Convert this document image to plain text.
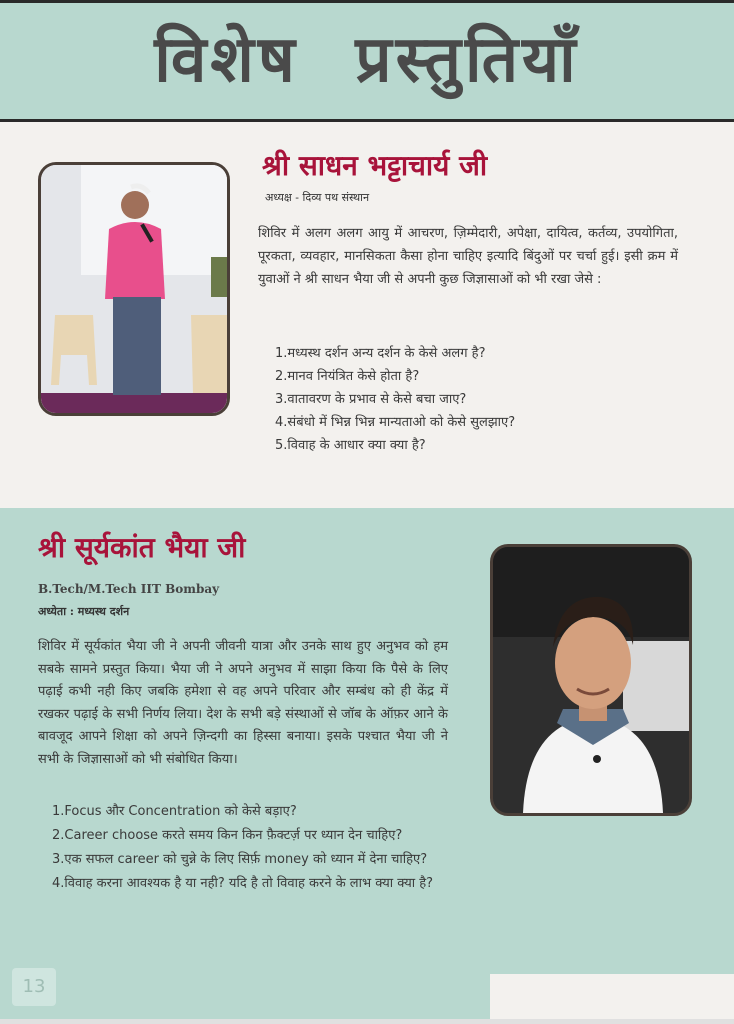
विशेष प्रस्तुतियाँ
श्री साधन भट्टाचार्य जी
अध्यक्ष - दिव्य पथ संस्थान
शिविर में अलग अलग आयु में आचरण, ज़िम्मेदारी, अपेक्षा, दायित्व, कर्तव्य, उपयोगिता, पूरकता, व्यवहार, मानसिकता कैसा होना चाहिए इत्यादि बिंदुओं पर चर्चा हुई। इसी क्रम में युवाओं ने श्री साधन भैया जी से अपनी कुछ जिज्ञासाओं को भी रखा जेसे :
1.मध्यस्थ दर्शन अन्य दर्शन के केसे अलग है?
2.मानव नियंत्रित केसे होता है?
3.वातावरण के प्रभाव से केसे बचा जाए?
4.संबंधो में भिन्न भिन्न मान्यताओ को केसे सुलझाए?
5.विवाह के आधार क्या क्या है?
श्री सूर्यकांत भैया जी
B.Tech/M.Tech IIT Bombay
अध्येता : मध्यस्थ दर्शन
शिविर में सूर्यकांत भैया जी ने अपनी जीवनी यात्रा और उनके साथ हुए अनुभव को हम सबके सामने प्रस्तुत किया। भैया जी ने अपने अनुभव में साझा किया कि पैसे के लिए पढ़ाई कभी नही किए जबकि हमेशा से वह अपने परिवार और सम्बंध को ही केंद्र में रखकर पढ़ाई के सभी निर्णय लिया। देश के सभी बड़े संस्थाओं से जॉब के ऑफ़र आने के बावजूद आपने शिक्षा को अपने ज़िन्दगी का हिस्सा बनाया। इसके पश्चात भैया जी ने सभी के जिज्ञासाओं को भी संबोधित किया।
1.Focus और Concentration को केसे बड़ाए?
2.Career choose करते समय किन किन फ़ैक्टर्ज़ पर ध्यान देन चाहिए?
3.एक सफल career को चुन्ने के लिए सिर्फ़ money को ध्यान में देना चाहिए?
4.विवाह करना आवश्यक है या नही? यदि है तो विवाह करने के लाभ क्या क्या है?
13
